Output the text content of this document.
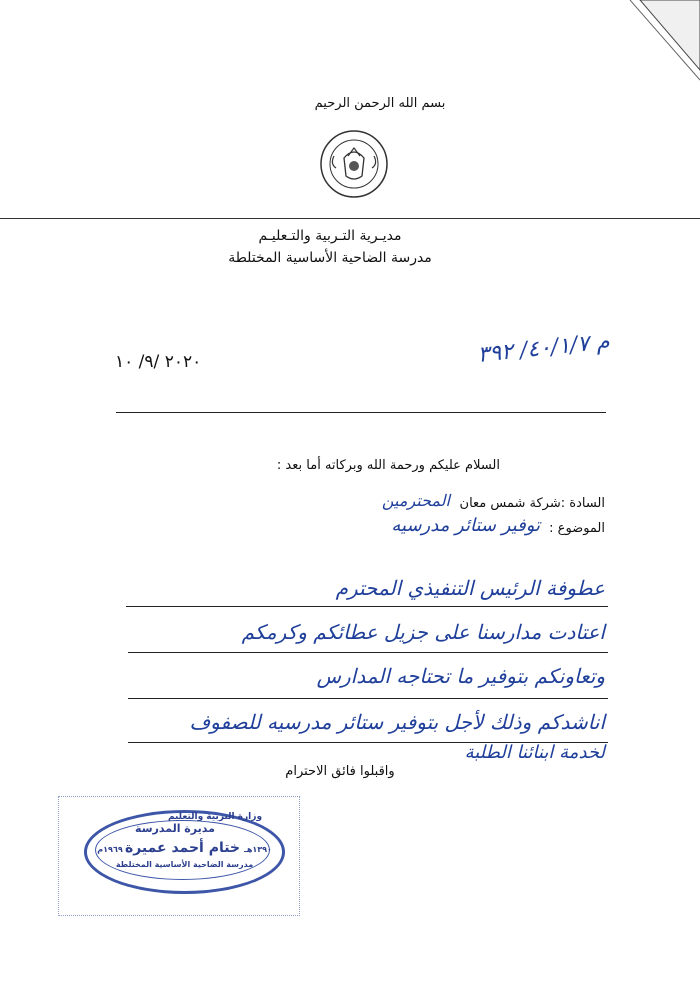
بسم الله الرحمن الرحيم
مديـرية التـربية والتـعليـم
مدرسة الضاحية الأساسية المختلطة
م ٤٠/١/٧/ ٣٩٢
٢٠٢٠ /٩/ ١٠
السلام عليكم ورحمة الله وبركاته أما بعد :
السادة :شركة شمس معان
المحترمين
الموضوع :
توفير ستائر مدرسيه
عطوفة الرئيس التنفيذي المحترم
اعتادت مدارسنا على جزيل عطائكم وكرمكم
وتعاونكم بتوفير ما تحتاجه المدارس
اناشدكم وذلك لأجل بتوفير ستائر مدرسيه للصفوف
لخدمة ابنائنا الطلبة
واقبلوا فائق الاحترام
وزارة التربية والتعليم
مديرة المدرسة
ختام أحمد عميرة
١٩٦٩م	١٣٩٠هـ
مدرسة الضاحية الأساسية المختلطة
